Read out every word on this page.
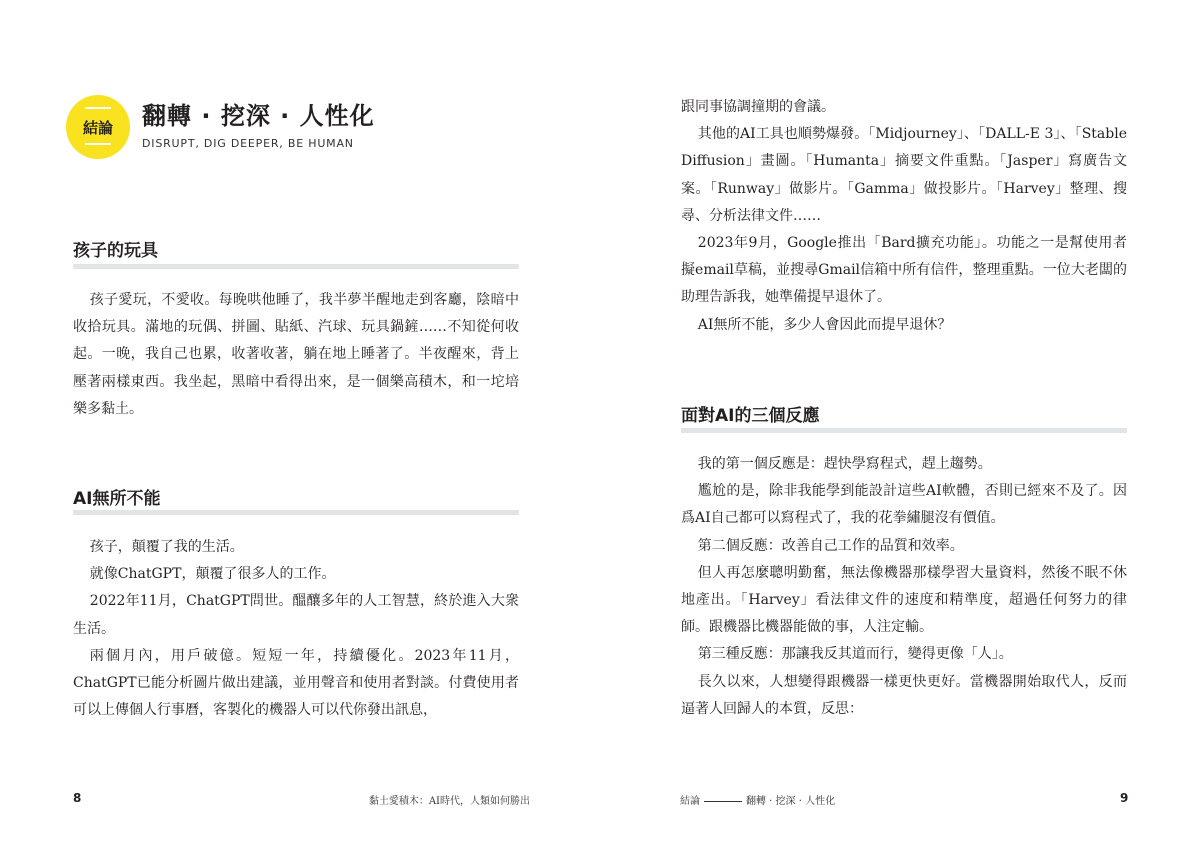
結論	翻轉 · 挖深 · 人性化
DISRUPT, DIG DEEPER, BE HUMAN
孩子的玩具

孩子愛玩，不愛收。每晚哄他睡了，我半夢半醒地走到客廳，陰暗中收拾玩具。滿地的玩偶、拼圖、貼紙、汽球、玩具鍋鏟……不知從何收起。一晚，我自己也累，收著收著，躺在地上睡著了。半夜醒來，背上壓著兩樣東西。我坐起，黑暗中看得出來，是一個樂高積木，和一坨培樂多黏土。

AI無所不能

孩子，顛覆了我的生活。

就像ChatGPT，顛覆了很多人的工作。

2022年11月，ChatGPT問世。醞釀多年的人工智慧，終於進入大衆生活。

兩個月內，用戶破億。短短一年，持續優化。2023年11月，ChatGPT已能分析圖片做出建議，並用聲音和使用者對談。付費使用者可以上傳個人行事曆，客製化的機器人可以代你發出訊息，

8	黏土愛積木：AI時代，人類如何勝出

跟同事協調撞期的會議。

其他的AI工具也順勢爆發。「Midjourney」、「DALL-E 3」、「Stable Diffusion」畫圖。「Humanta」摘要文件重點。「Jasper」寫廣告文案。「Runway」做影片。「Gamma」做投影片。「Harvey」整理、搜尋、分析法律文件……

2023年9月，Google推出「Bard擴充功能」。功能之一是幫使用者擬email草稿，並搜尋Gmail信箱中所有信件，整理重點。一位大老闆的助理告訴我，她準備提早退休了。

AI無所不能，多少人會因此而提早退休？

面對AI的三個反應

我的第一個反應是：趕快學寫程式，趕上趨勢。

尷尬的是，除非我能學到能設計這些AI軟體，否則已經來不及了。因爲AI自己都可以寫程式了，我的花拳繡腿沒有價值。

第二個反應：改善自己工作的品質和效率。

但人再怎麼聰明勤奮，無法像機器那樣學習大量資料，然後不眠不休地產出。「Harvey」看法律文件的速度和精準度，超過任何努力的律師。跟機器比機器能做的事，人注定輸。

第三種反應：那讓我反其道而行，變得更像「人」。

長久以來，人想變得跟機器一樣更快更好。當機器開始取代人，反而逼著人回歸人的本質，反思：

結論	翻轉 · 挖深 · 人性化	9
